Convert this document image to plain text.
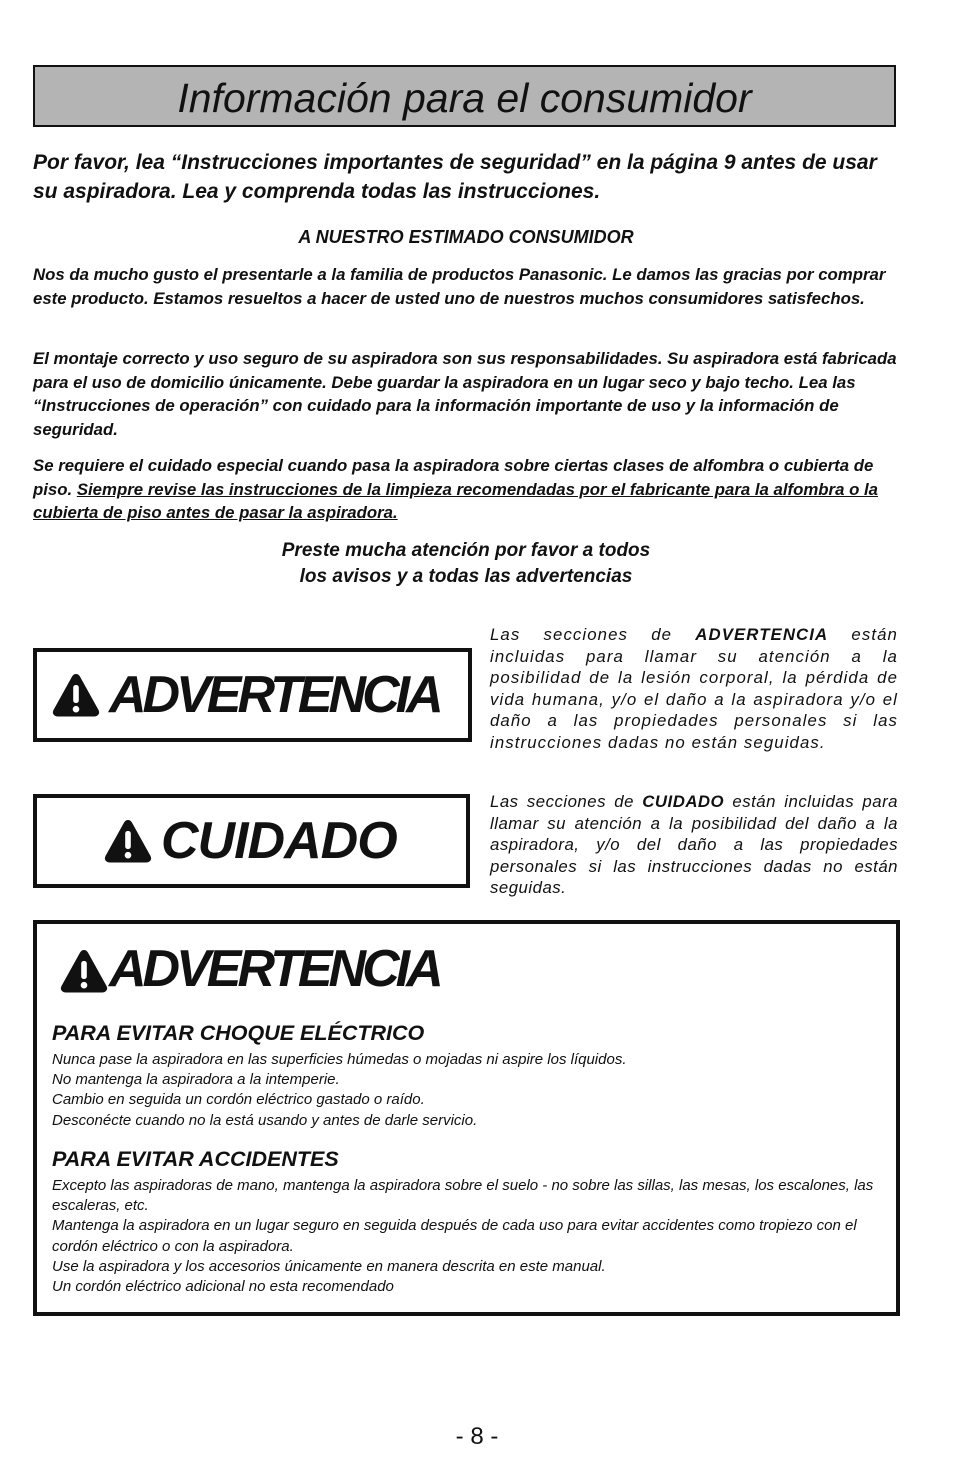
Información para el consumidor
Por favor, lea “Instrucciones importantes de seguridad” en la página 9 antes de usar su aspiradora. Lea y comprenda todas las instrucciones.
A NUESTRO ESTIMADO CONSUMIDOR
Nos da mucho gusto el presentarle a la familia de productos Panasonic. Le damos las gracias por comprar este producto. Estamos resueltos a hacer de usted uno de nuestros muchos consumidores satisfechos.
El montaje correcto y uso seguro de su aspiradora son sus responsabilidades. Su aspiradora está fabricada para el uso de domicilio únicamente. Debe guardar la aspiradora en un lugar seco y bajo techo. Lea las “Instrucciones de operación” con cuidado para la información importante de uso y la información de seguridad.
Se requiere el cuidado especial cuando pasa la aspiradora sobre ciertas clases de alfombra o cubierta de piso. Siempre revise las instrucciones de la limpieza recomendadas por el fabricante para la alfombra o la cubierta de piso antes de pasar la aspiradora.
Preste mucha atención por favor a todos
los avisos y a todas las advertencias
ADVERTENCIA
Las secciones de ADVERTENCIA están incluidas para llamar su atención a la posibilidad de la lesión corporal, la pérdida de vida humana, y/o el daño a la aspiradora y/o el daño a las propiedades personales si las instrucciones dadas no están seguidas.
CUIDADO
Las secciones de CUIDADO están incluidas para llamar su atención a la posibilidad del daño a la aspiradora, y/o del daño a las propiedades personales si las instrucciones dadas no están seguidas.
ADVERTENCIA
PARA EVITAR CHOQUE ELÉCTRICO
Nunca pase la aspiradora en las superficies húmedas o mojadas ni aspire los líquidos.
No mantenga la aspiradora a la intemperie.
Cambio en seguida un cordón eléctrico gastado o raído.
Desconécte cuando no la está usando y antes de darle servicio.
PARA EVITAR ACCIDENTES
Excepto las aspiradoras de mano, mantenga la aspiradora sobre el suelo - no sobre las sillas, las mesas, los escalones, las escaleras, etc.
Mantenga la aspiradora en un lugar seguro en seguida después de cada uso para evitar accidentes como tropiezo con el cordón eléctrico o con la aspiradora.
Use la aspiradora y los accesorios únicamente en manera descrita en este manual.
Un cordón eléctrico adicional no esta recomendado
- 8 -
